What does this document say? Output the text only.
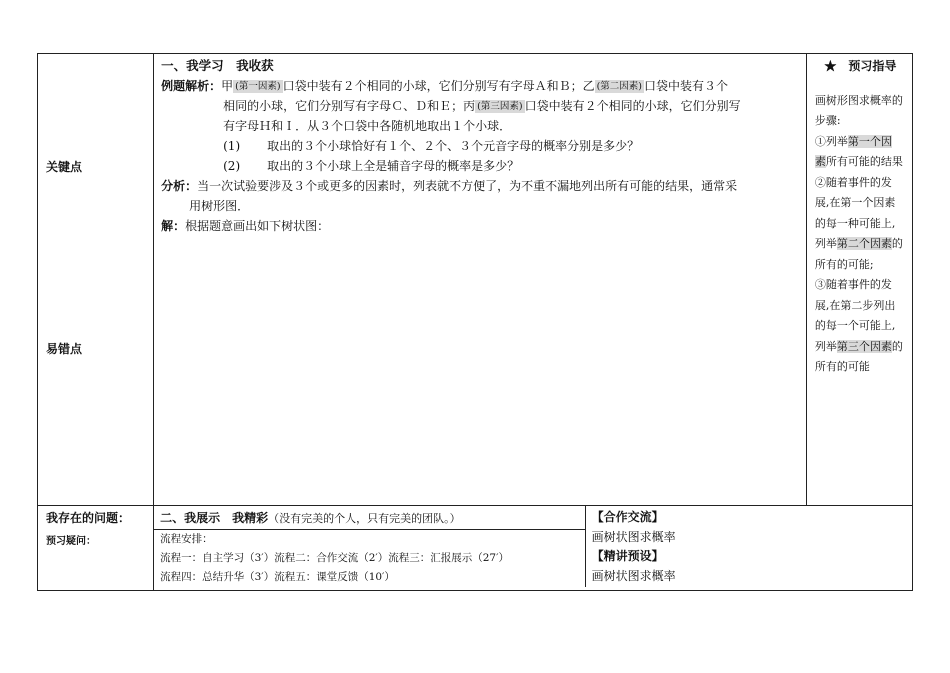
关键点
易错点

一、我学习　我收获
例题解析：甲 (第一因素) 口袋中装有２个相同的小球，它们分别写有字母Ａ和Ｂ；乙 (第二因素) 口袋中装有３个
相同的小球，它们分别写有字母Ｃ、Ｄ和Ｅ；丙 (第三因素) 口袋中装有２个相同的小球，它们分别写
有字母Ｈ和Ｉ．从３个口袋中各随机地取出１个小球．
(1) 取出的３个小球恰好有１个、２个、３个元音字母的概率分别是多少？
(2) 取出的３个小球上全是辅音字母的概率是多少？
分析：当一次试验要涉及３个或更多的因素时，列表就不方便了，为不重不漏地列出所有可能的结果，通常采
用树形图．
解：根据题意画出如下树状图：

★　预习指导
画树形图求概率的步骤:
①列举第一个因
素所有可能的结果
②随着事件的发展,在第一个因素的每一种可能上,列举第二个因素的所有的可能;
③随着事件的发展,在第二步列出的每一个可能上,列举第三个因素的所有的可能

我存在的问题：
预习疑问：

二、我展示　我精彩（没有完美的个人，只有完美的团队。）
流程安排：
流程一：自主学习（3′）流程二：合作交流（2′）流程三：汇报展示（27′）
流程四：总结升华（3′）流程五：课堂反馈（10′）

【合作交流】
画树状图求概率
【精讲预设】
画树状图求概率
